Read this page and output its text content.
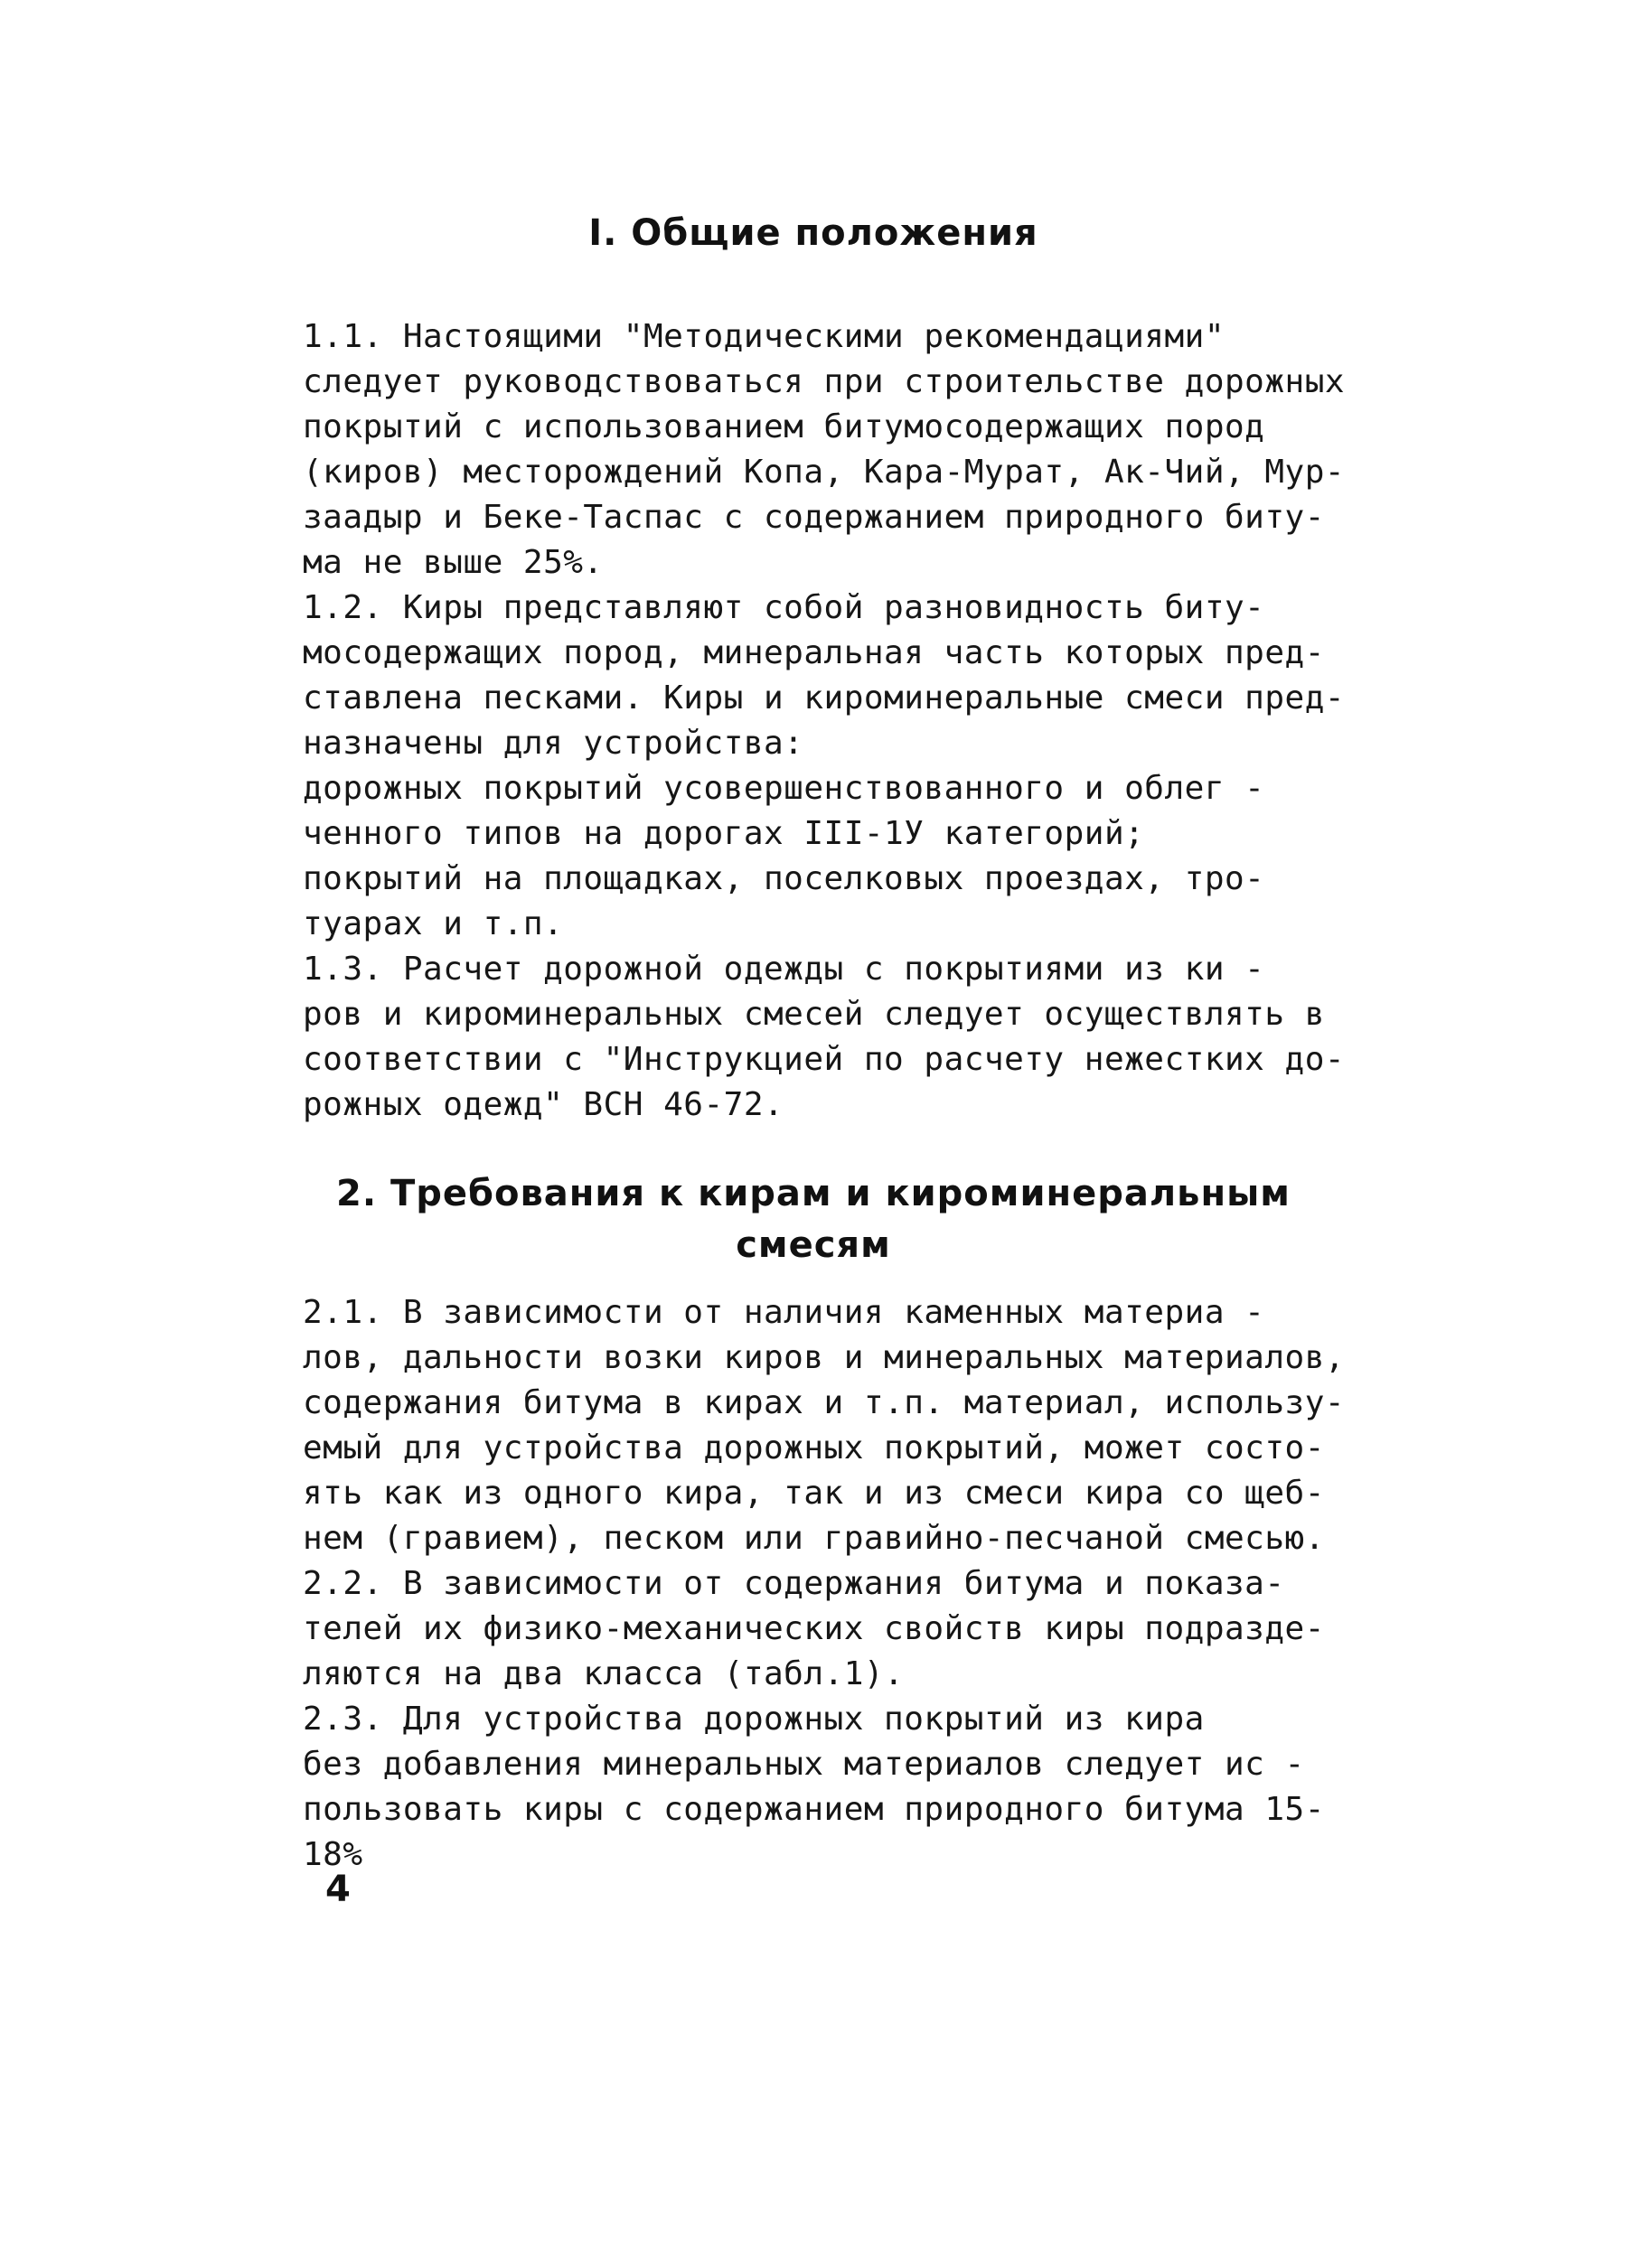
I. Общие положения

1.1. Настоящими "Методическими рекомендациями"
следует руководствоваться при строительстве дорожных
покрытий с использованием битумосодержащих пород
(киров) месторождений Копа, Кара-Мурат, Ак-Чий, Мур-
заадыр и Беке-Таспас с содержанием природного биту-
ма не выше 25%.

1.2. Киры представляют собой разновидность биту-
мосодержащих пород, минеральная часть которых пред-
ставлена песками. Киры и кироминеральные смеси пред-
назначены для устройства:

дорожных покрытий усовершенствованного и облег -
ченного типов на дорогах III-1У категорий;

покрытий на площадках, поселковых проездах, тро-
туарах и т.п.

1.3. Расчет дорожной одежды с покрытиями из ки -
ров и кироминеральных смесей следует осуществлять в
соответствии с "Инструкцией по расчету нежестких до-
рожных одежд" ВСН 46-72.

2. Требования к кирам и кироминеральным
смесям

2.1. В зависимости от наличия каменных материа -
лов, дальности возки киров и минеральных материалов,
содержания битума в кирах и т.п. материал, использу-
емый для устройства дорожных покрытий, может состо-
ять как из одного кира, так и из смеси кира со щеб-
нем (гравием), песком или гравийно-песчаной смесью.

2.2. В зависимости от содержания битума и показа-
телей их физико-механических свойств киры подразде-
ляются на два класса (табл.1).

2.3. Для устройства дорожных покрытий из кира
без добавления минеральных материалов следует ис -
пользовать киры с содержанием природного битума 15-
18%

4
